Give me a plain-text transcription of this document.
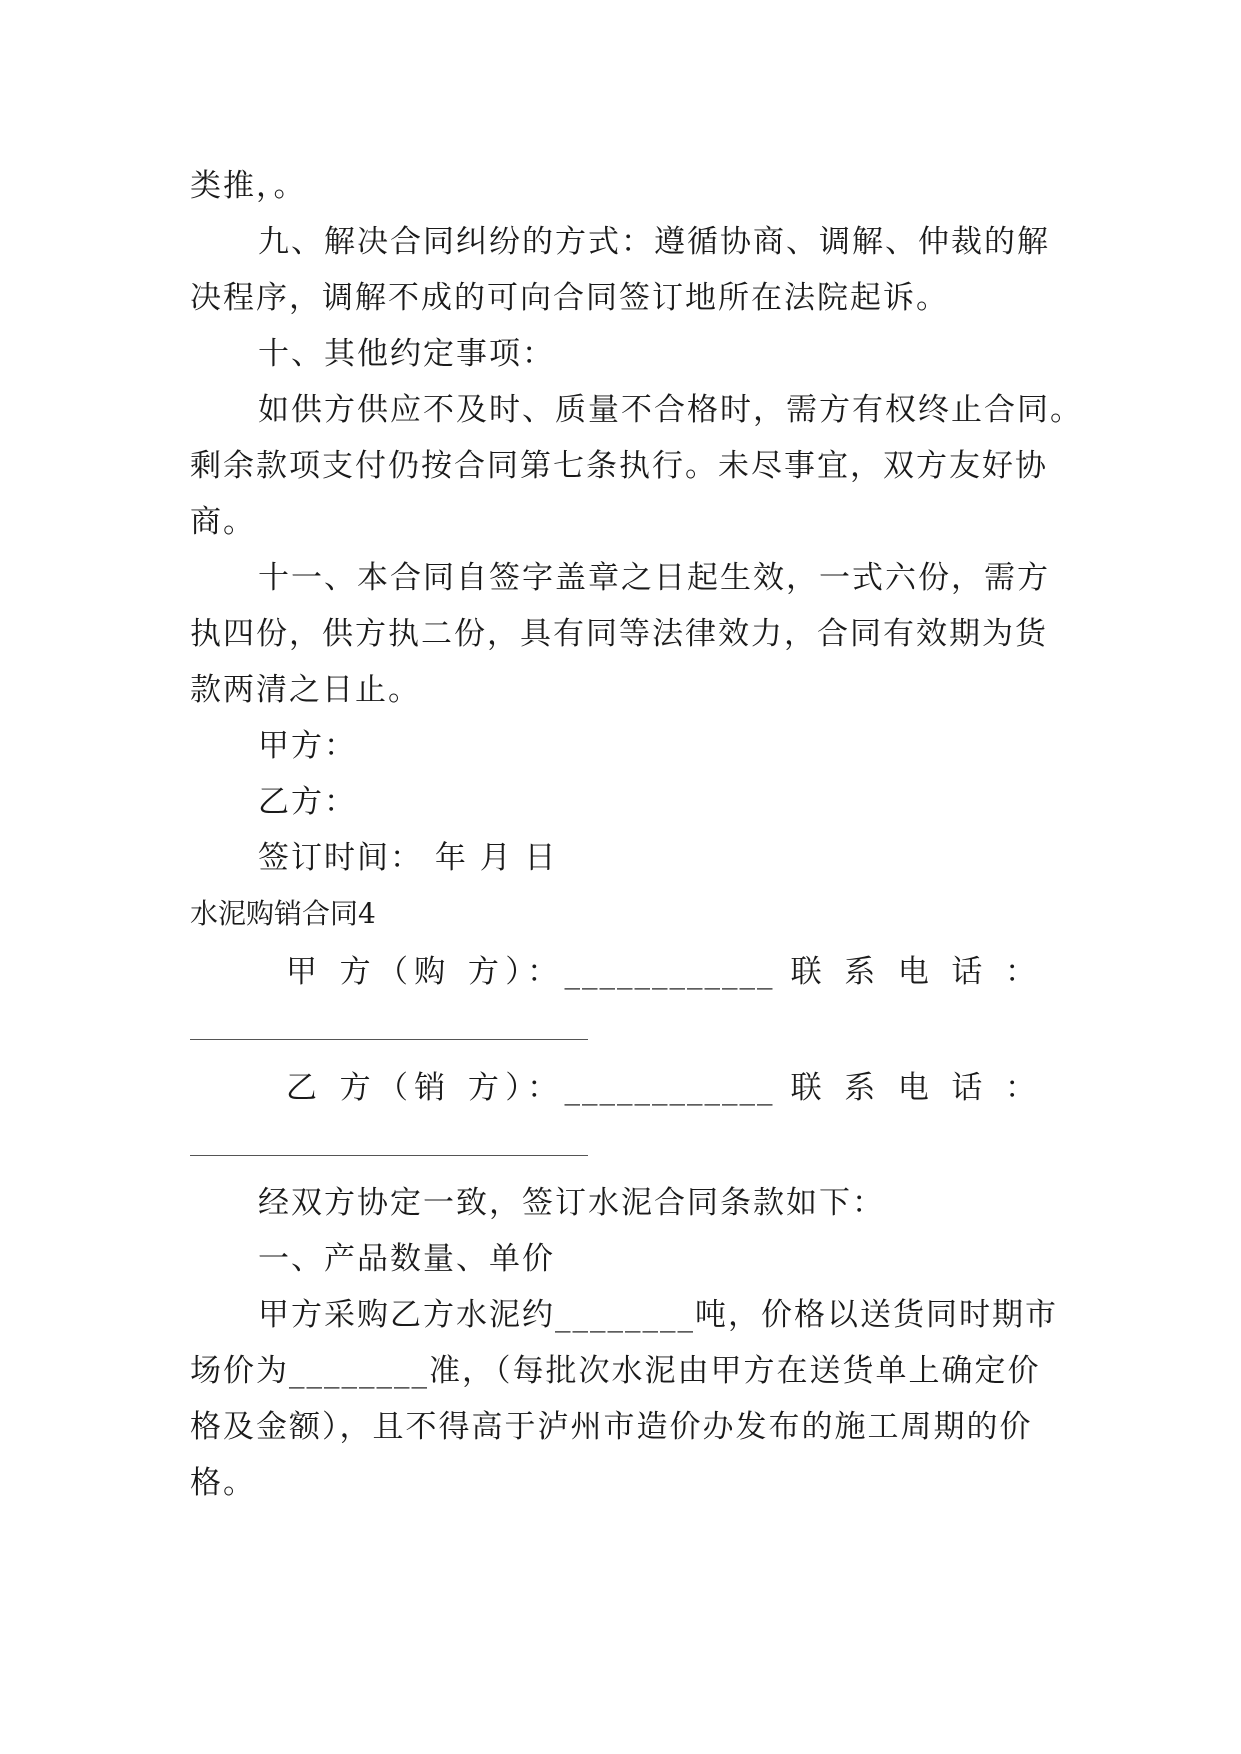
类推，。
九、解决合同纠纷的方式：遵循协商、调解、仲裁的解
决程序，调解不成的可向合同签订地所在法院起诉。
十、其他约定事项：
如供方供应不及时、质量不合格时，需方有权终止合同。
剩余款项支付仍按合同第七条执行。未尽事宜，双方友好协
商。
十一、本合同自签字盖章之日起生效，一式六份，需方
执四份，供方执二份，具有同等法律效力，合同有效期为货
款两清之日止。
甲方：
乙方：
签订时间： 年 月 日
水泥购销合同4
甲 方（购 方）：____________ 联 系 电 话 ：
乙 方（销 方）：____________ 联 系 电 话 ：
经双方协定一致，签订水泥合同条款如下：
一、产品数量、单价
甲方采购乙方水泥约________吨，价格以送货同时期市
场价为________准，（每批次水泥由甲方在送货单上确定价
格及金额），且不得高于泸州市造价办发布的施工周期的价
格。
